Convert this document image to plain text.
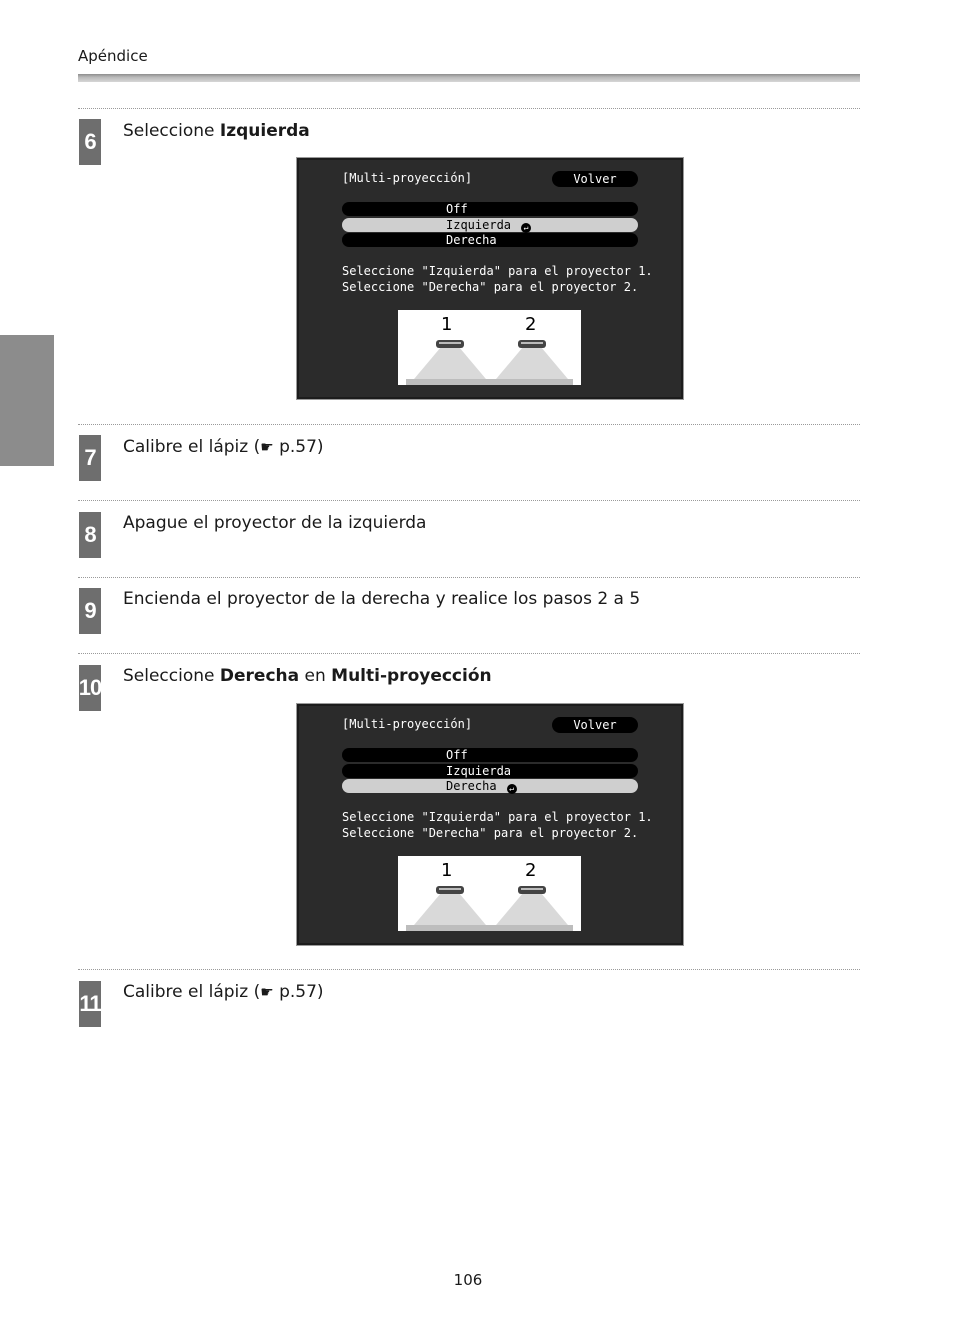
Apéndice
6	Seleccione Izquierda
[Multi-proyección]	Volver
Off
Izquierda ↵
Derecha
Seleccione "Izquierda" para el proyector 1.
Seleccione "Derecha" para el proyector 2.
1	2
7	Calibre el lápiz (☛ p.57)
8	Apague el proyector de la izquierda
9	Encienda el proyector de la derecha y realice los pasos 2 a 5
10 Seleccione Derecha en Multi-proyección
[Multi-proyección]	Volver
Off
Izquierda
Derecha ↵
Seleccione "Izquierda" para el proyector 1.
Seleccione "Derecha" para el proyector 2.
1	2
11 Calibre el lápiz (☛ p.57)
106
